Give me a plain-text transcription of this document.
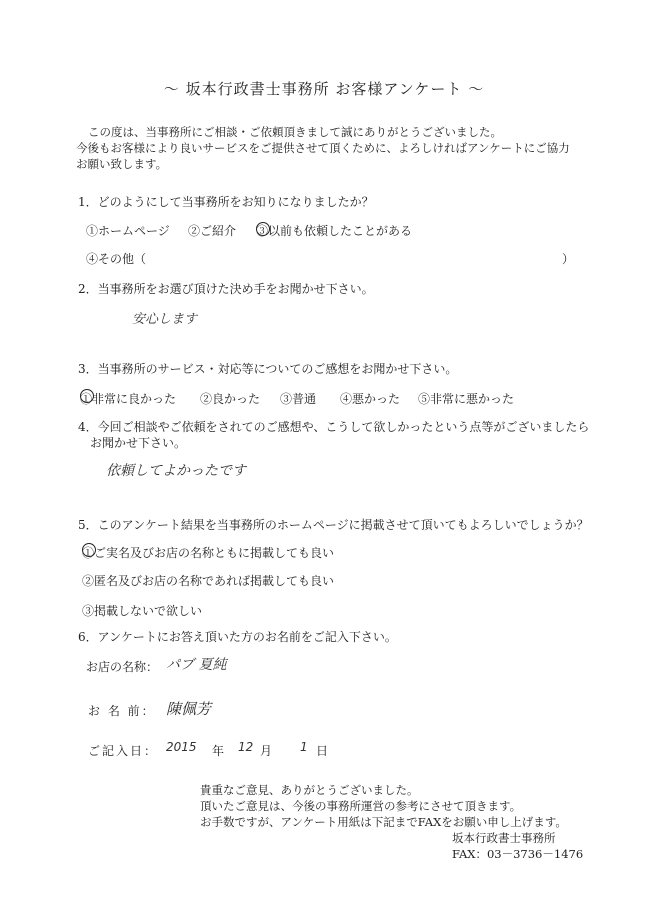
〜 坂本行政書士事務所 お客様アンケート 〜
この度は、当事務所にご相談・ご依頼頂きまして誠にありがとうございました。
今後もお客様により良いサービスをご提供させて頂くために、よろしければアンケートにご協力
お願い致します。
1．どのようにして当事務所をお知りになりましたか？
①ホームページ ②ご紹介 ③以前も依頼したことがある
④その他（	）
2．当事務所をお選び頂けた決め手をお聞かせ下さい。
安心します
3．当事務所のサービス・対応等についてのご感想をお聞かせ下さい。
①非常に良かった ②良かった ③普通 ④悪かった ⑤非常に悪かった
4．今回ご相談やご依頼をされてのご感想や、こうして欲しかったという点等がございましたら
お聞かせ下さい。
依頼してよかったです
5．このアンケート結果を当事務所のホームページに掲載させて頂いてもよろしいでしょうか？
①ご実名及びお店の名称ともに掲載しても良い
②匿名及びお店の名称であれば掲載しても良い
③掲載しないで欲しい
6．アンケートにお答え頂いた方のお名前をご記入下さい。
お店の名称： パブ 夏純
お 名 前： 陳佩芳
ご記入日： 2015 年 12 月 1 日
貴重なご意見、ありがとうございました。
頂いたご意見は、今後の事務所運営の参考にさせて頂きます。
お手数ですが、アンケート用紙は下記までFAXをお願い申し上げます。
坂本行政書士事務所
FAX：03－3736－1476
